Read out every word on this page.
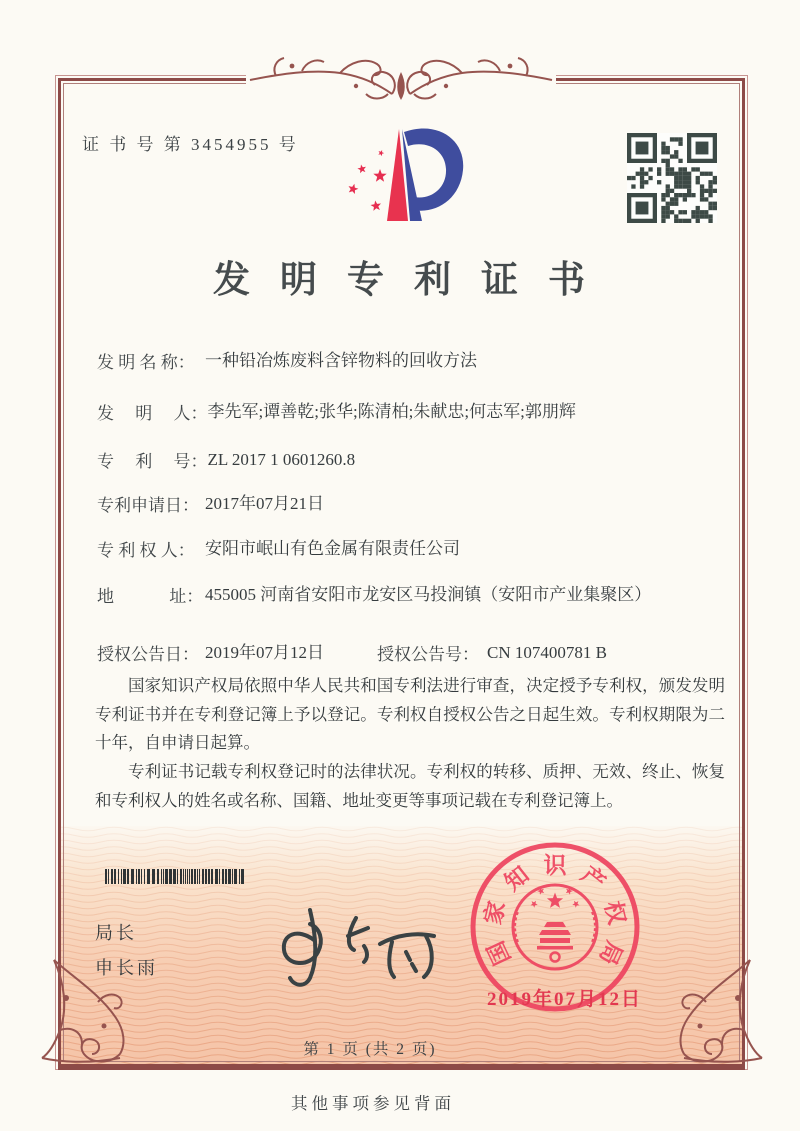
证 书 号 第 3454955 号
发明专利证书
发 明 名 称： 一种铅冶炼废料含锌物料的回收方法
发　 明　 人： 李先军;谭善乾;张华;陈清柏;朱献忠;何志军;郭朋辉
专　 利　 号： ZL 2017 1 0601260.8
专利申请日： 2017年07月21日
专 利 权 人： 安阳市岷山有色金属有限责任公司
地　　　 址： 455005 河南省安阳市龙安区马投涧镇（安阳市产业集聚区）
授权公告日： 2019年07月12日	授权公告号： CN 107400781 B

国家知识产权局依照中华人民共和国专利法进行审查，决定授予专利权，颁发发明专利证书并在专利登记簿上予以登记。专利权自授权公告之日起生效。专利权期限为二十年，自申请日起算。

专利证书记载专利权登记时的法律状况。专利权的转移、质押、无效、终止、恢复和专利权人的姓名或名称、国籍、地址变更等事项记载在专利登记簿上。

局长
申长雨	国
家
知 识 产
权
局
2019年07月12日
第 1 页 (共 2 页)
其他事项参见背面
